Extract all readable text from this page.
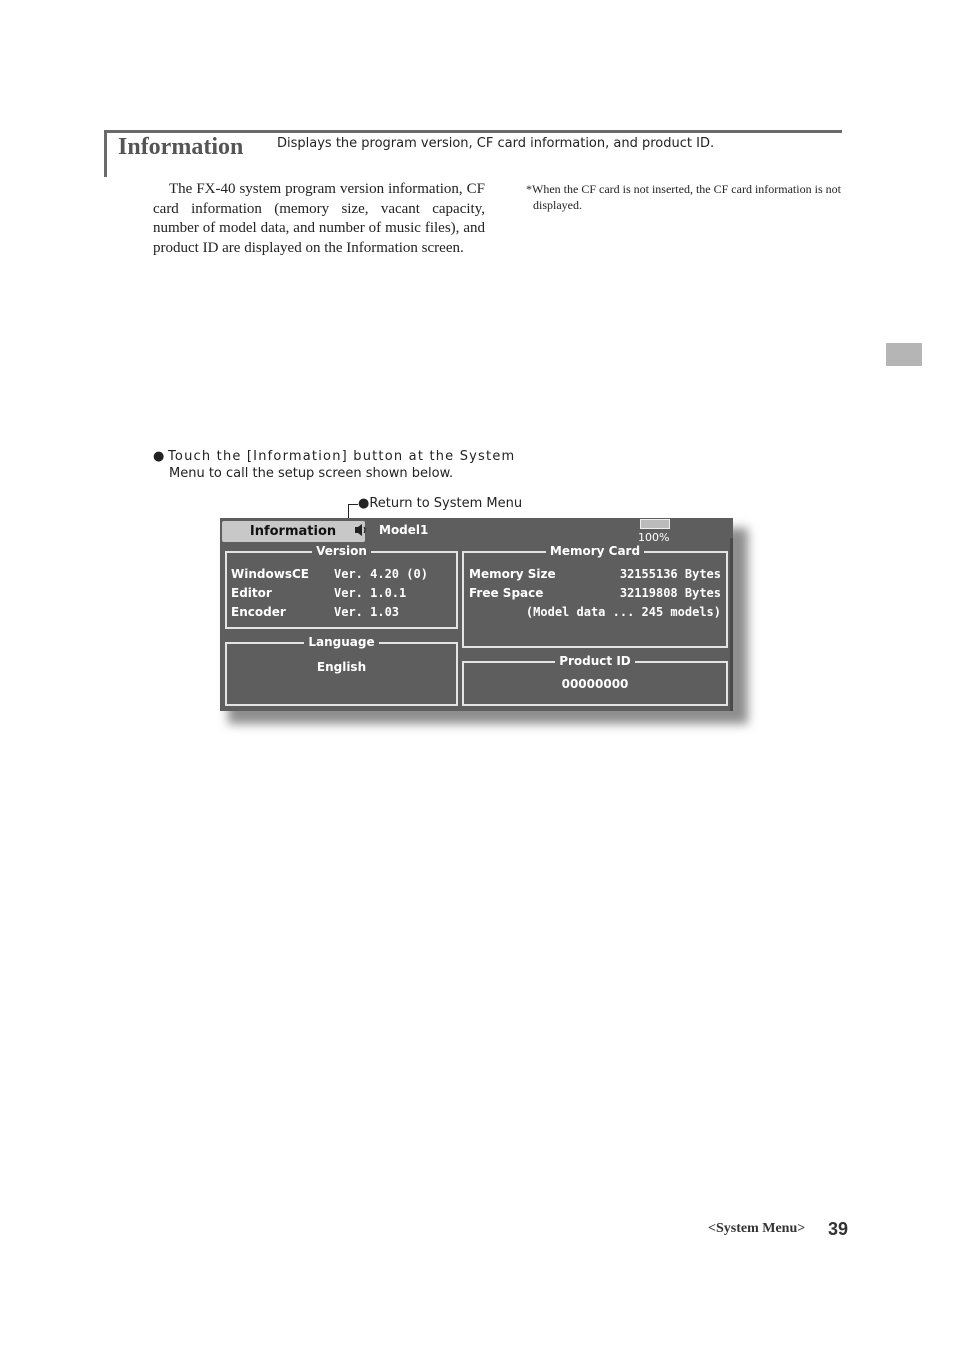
Information	Displays the program version, CF card information, and product ID.

The FX-40 system program version information, CF card information (memory size, vacant capacity, number of model data, and number of music files), and product ID are displayed on the Information screen.

*When the CF card is not inserted, the CF card information is not displayed.

● Touch the [Information] button at the System
Menu to call the setup screen shown below.
●Return to System Menu
Information	Model1
100%
Version
WindowsCE Ver. 4.20 (0)
Editor	Ver. 1.0.1
Encoder	Ver. 1.03
Memory Card
Memory Size	32155136 Bytes
Free Space	32119808 Bytes
(Model data ... 245 models)
Language
English	Product ID
00000000
<System Menu> 39
